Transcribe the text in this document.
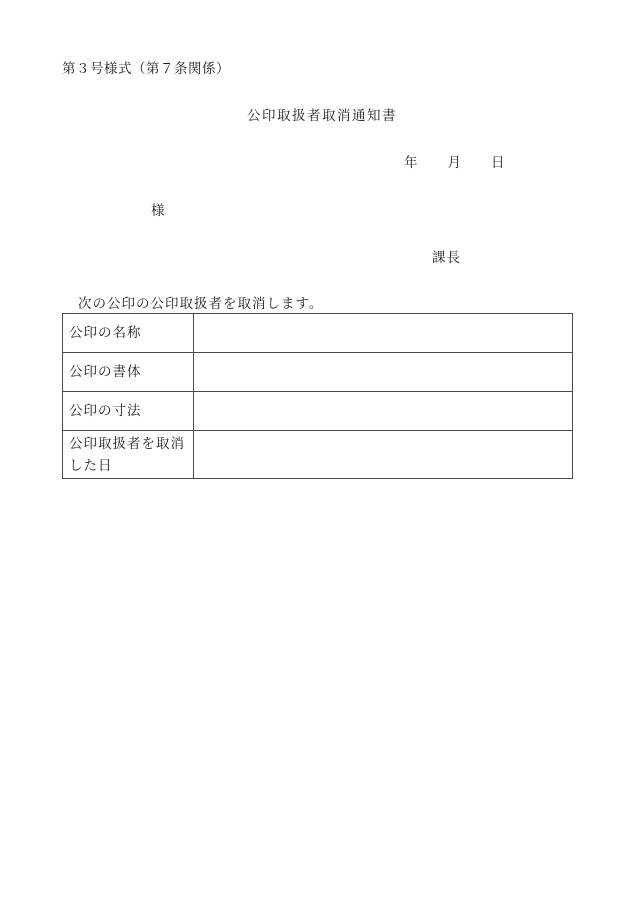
第３号様式（第７条関係）
公印取扱者取消通知書
年 月 日
様
課長
次の公印の公印取扱者を取消します。
公印の名称	
公印の書体	
公印の寸法	
公印取扱者を取消した日	
